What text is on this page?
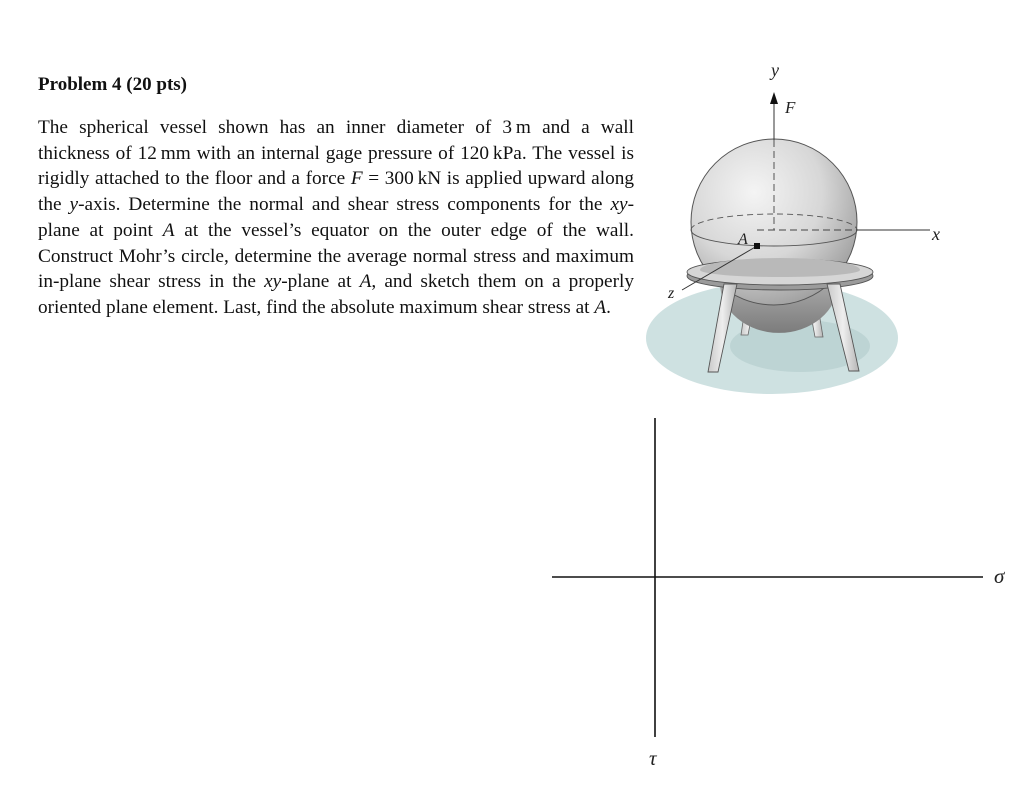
Problem 4 (20 pts)

The spherical vessel shown has an inner diameter of 3 m and a wall thickness of 12 mm with an internal gage pressure of 120 kPa. The vessel is rigidly attached to the floor and a force F = 300 kN is applied upward along the y-axis. Determine the normal and shear stress components for the xy-plane at point A at the vessel’s equator on the outer edge of the wall. Construct Mohr’s circle, determine the average normal stress and maximum in-plane shear stress in the xy-plane at A, and sketch them on a properly oriented plane element. Last, find the absolute maximum shear stress at A.

y
F
x
z
A
σ
τ
